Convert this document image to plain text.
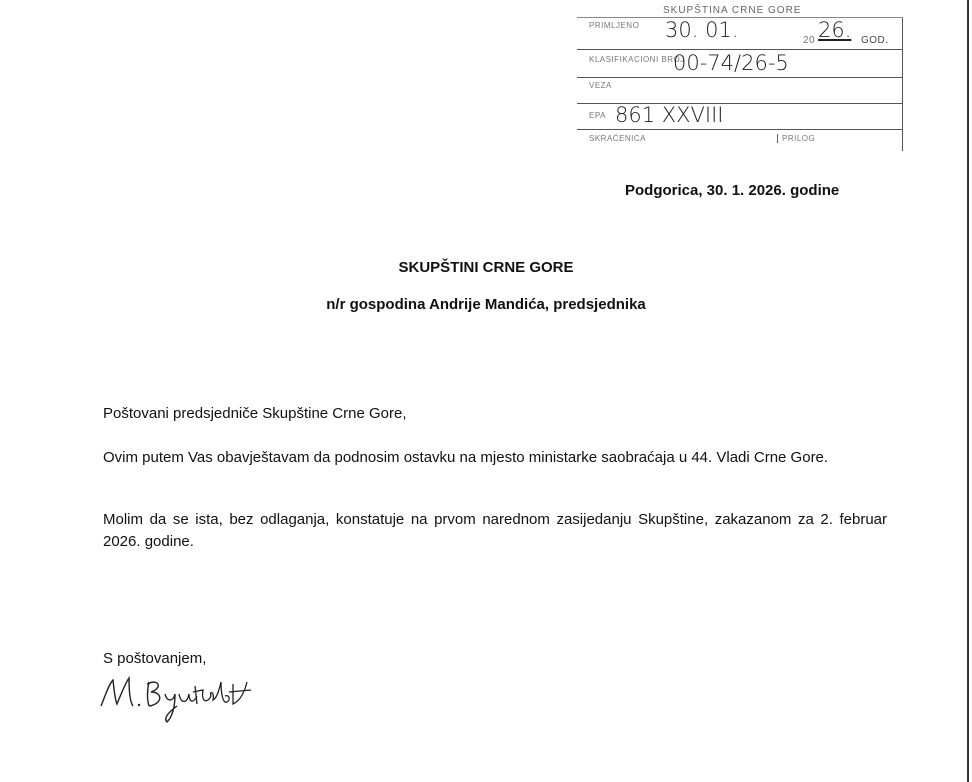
SKUPŠTINA CRNE GORE
PRIMLJENO 30. 01.	20 26. GOD.
KLASIFIKACIONI BROJ
00-74/26-5
VEZA
EPA 861 XXVIII
SKRAĆENICA	PRILOG
Podgorica, 30. 1. 2026. godine
SKUPŠTINI CRNE GORE
n/r gospodina Andrije Mandića, predsjednika
Poštovani predsjedniče Skupštine Crne Gore,
Ovim putem Vas obavještavam da podnosim ostavku na mjesto ministarke saobraćaja u 44. Vladi Crne Gore.
Molim da se ista, bez odlaganja, konstatuje na prvom narednom zasijedanju Skupštine, zakazanom za 2. februar 2026. godine.
S poštovanjem,
